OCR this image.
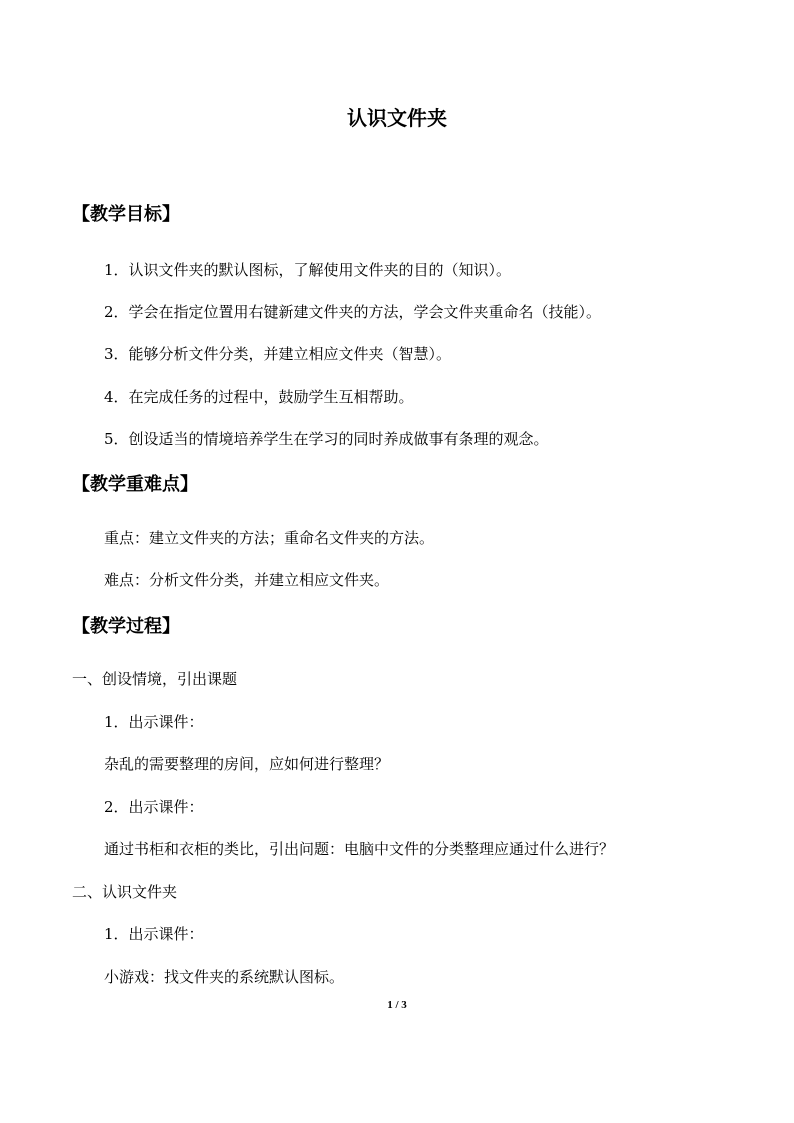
认识文件夹
【教学目标】

1．认识文件夹的默认图标，了解使用文件夹的目的（知识）。

2．学会在指定位置用右键新建文件夹的方法，学会文件夹重命名（技能）。

3．能够分析文件分类，并建立相应文件夹（智慧）。

4．在完成任务的过程中，鼓励学生互相帮助。

5．创设适当的情境培养学生在学习的同时养成做事有条理的观念。

【教学重难点】

重点：建立文件夹的方法；重命名文件夹的方法。

难点：分析文件分类，并建立相应文件夹。

【教学过程】

一、创设情境，引出课题

1．出示课件：

杂乱的需要整理的房间，应如何进行整理？

2．出示课件：

通过书柜和衣柜的类比，引出问题：电脑中文件的分类整理应通过什么进行？

二、认识文件夹

1．出示课件：

小游戏：找文件夹的系统默认图标。

1 / 3
